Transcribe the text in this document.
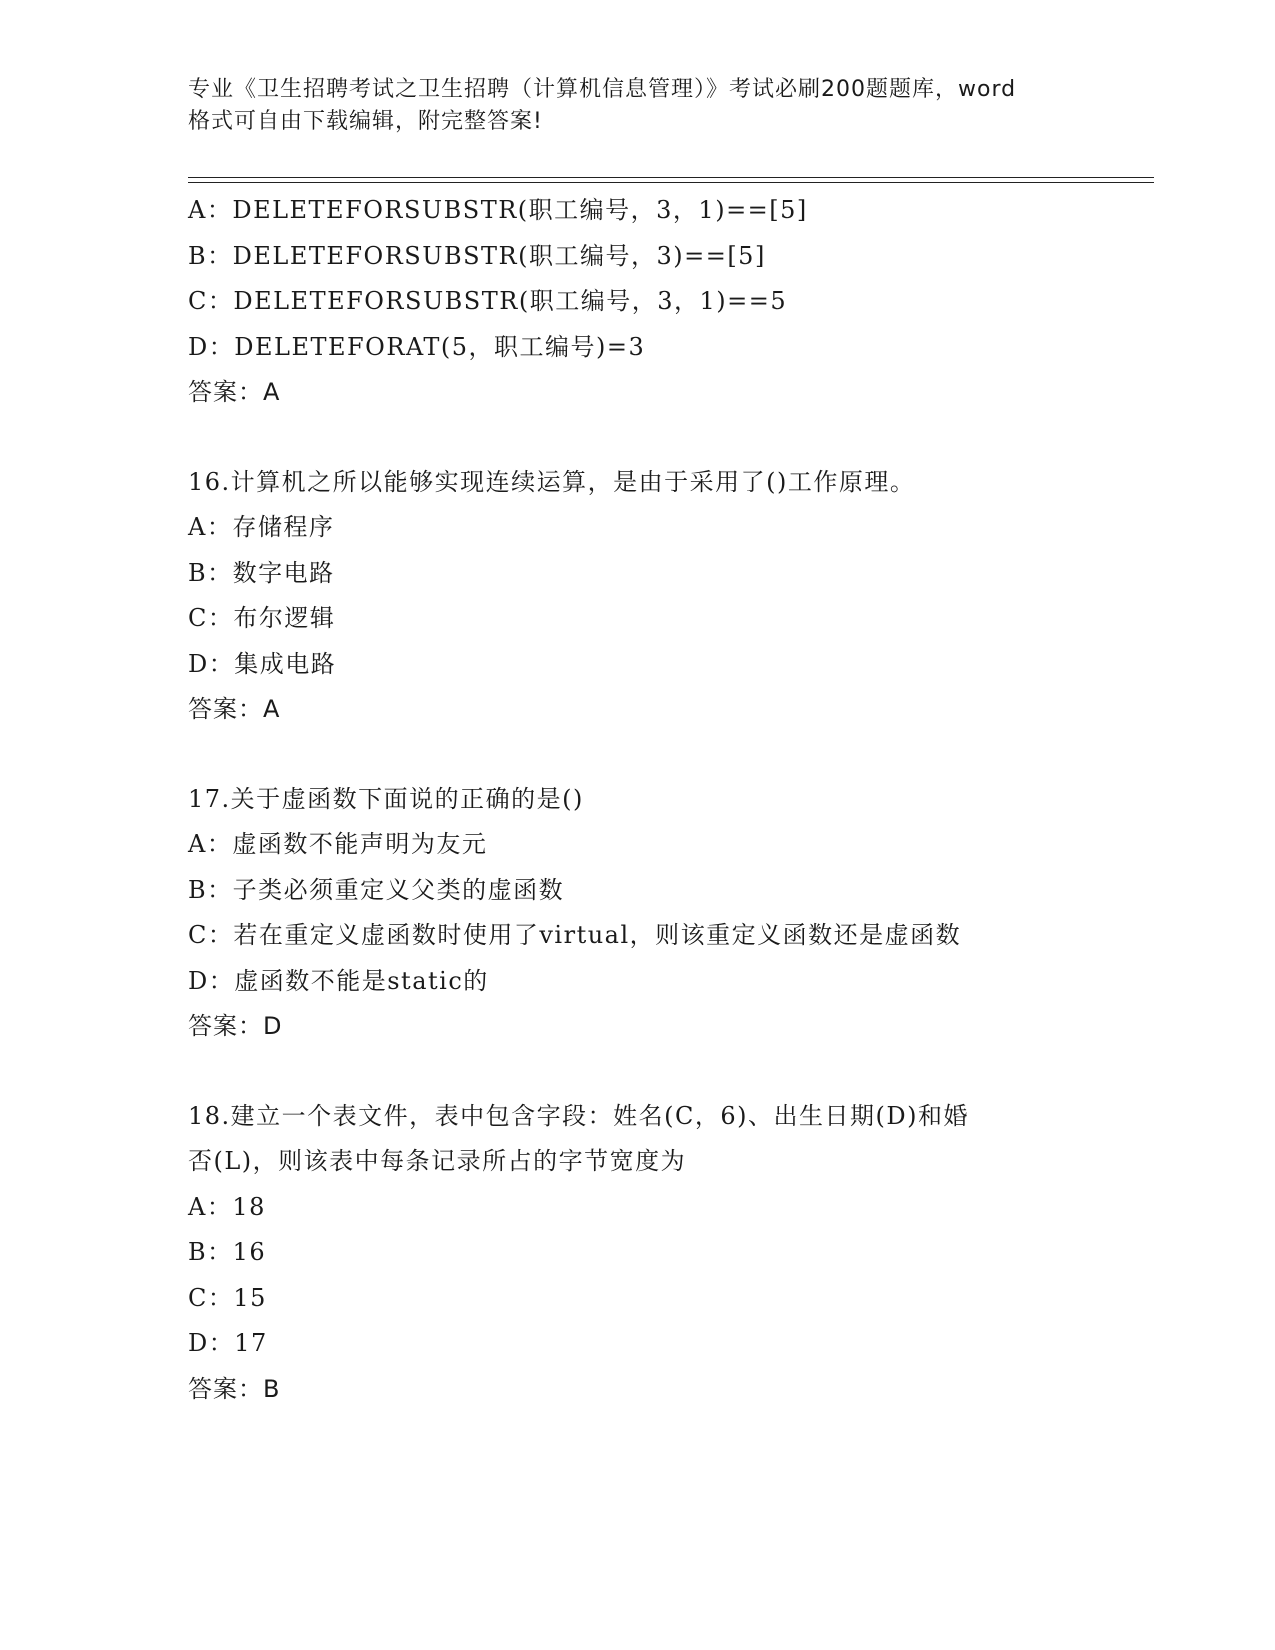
专业《卫生招聘考试之卫生招聘（计算机信息管理）》考试必刷200题题库，word
格式可自由下载编辑，附完整答案!
A：DELETEFORSUBSTR(职工编号，3，1)==[5]
B：DELETEFORSUBSTR(职工编号，3)==[5]
C：DELETEFORSUBSTR(职工编号，3，1)==5
D：DELETEFORAT(5，职工编号)=3
答案：A
16.计算机之所以能够实现连续运算，是由于采用了()工作原理。
A：存储程序
B：数字电路
C：布尔逻辑
D：集成电路
答案：A
17.关于虚函数下面说的正确的是()
A：虚函数不能声明为友元
B：子类必须重定义父类的虚函数
C：若在重定义虚函数时使用了virtual，则该重定义函数还是虚函数
D：虚函数不能是static的
答案：D
18.建立一个表文件，表中包含字段：姓名(C，6)、出生日期(D)和婚
否(L)，则该表中每条记录所占的字节宽度为
A：18
B：16
C：15
D：17
答案：B
